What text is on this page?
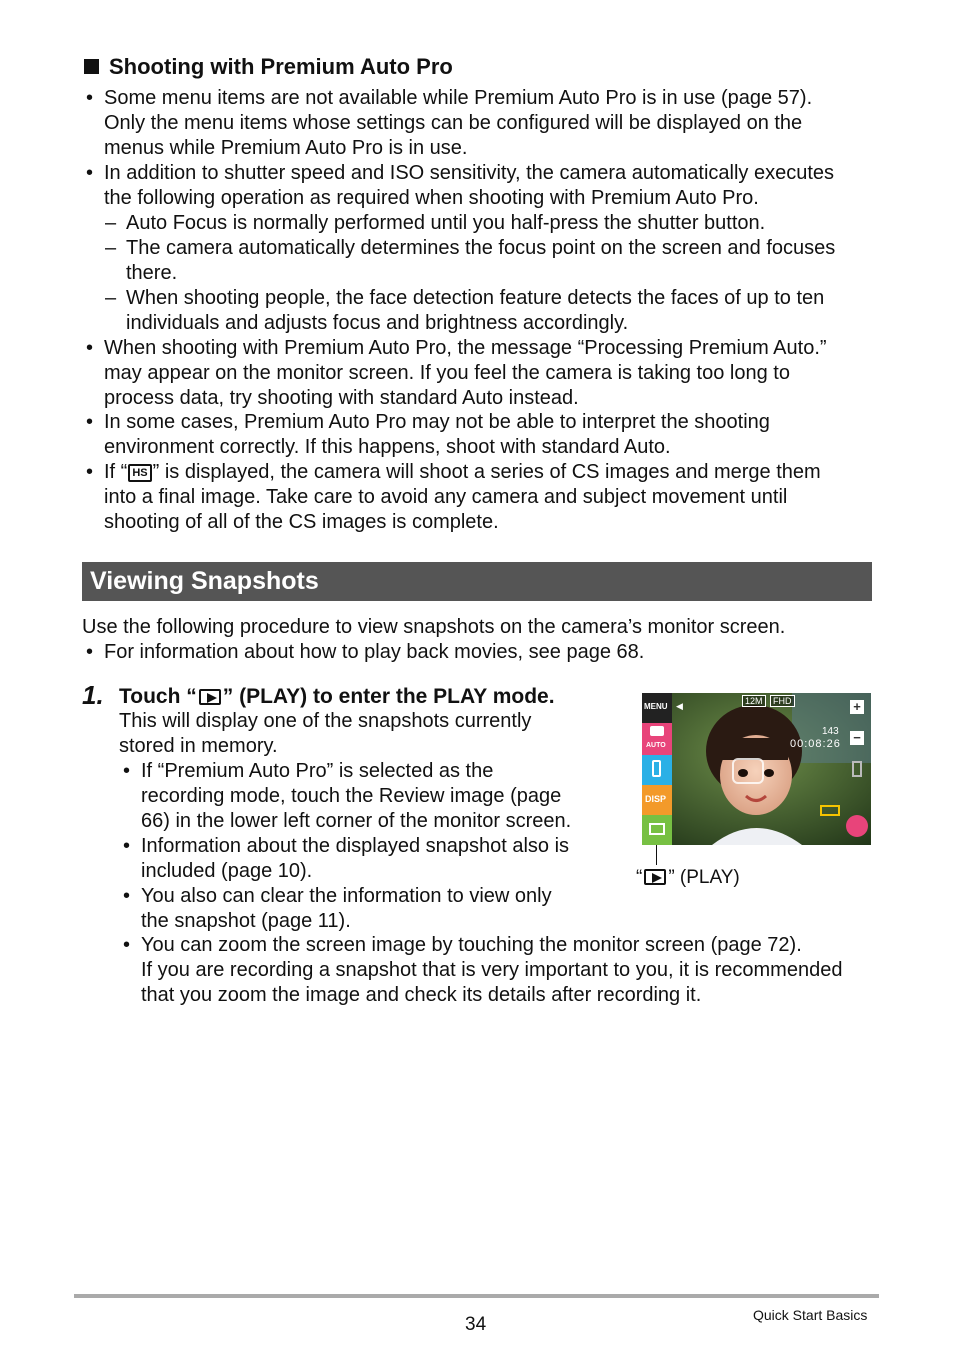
Shooting with Premium Auto Pro
• Some menu items are not available while Premium Auto Pro is in use (page 57).
Only the menu items whose settings can be configured will be displayed on the
menus while Premium Auto Pro is in use.
• In addition to shutter speed and ISO sensitivity, the camera automatically executes
the following operation as required when shooting with Premium Auto Pro.
– Auto Focus is normally performed until you half-press the shutter button.
– The camera automatically determines the focus point on the screen and focuses
there.
– When shooting people, the face detection feature detects the faces of up to ten
individuals and adjusts focus and brightness accordingly.
• When shooting with Premium Auto Pro, the message “Processing Premium Auto.”
may appear on the monitor screen. If you feel the camera is taking too long to
process data, try shooting with standard Auto instead.
• In some cases, Premium Auto Pro may not be able to interpret the shooting
environment correctly. If this happens, shoot with standard Auto.
• If “ HS ” is displayed, the camera will shoot a series of CS images and merge them
into a final image. Take care to avoid any camera and subject movement until
shooting of all of the CS images is complete.
Viewing Snapshots
Use the following procedure to view snapshots on the camera’s monitor screen.
• For information about how to play back movies, see page 68.
1. Touch “ ” (PLAY) to enter the PLAY mode.
This will display one of the snapshots currently
stored in memory.
• If “Premium Auto Pro” is selected as the
recording mode, touch the Review image (page
66) in the lower left corner of the monitor screen.
• Information about the displayed snapshot also is
included (page 10).
• You also can clear the information to view only
the snapshot (page 11).
• You can zoom the screen image by touching the monitor screen (page 72).
If you are recording a snapshot that is very important to you, it is recommended
that you zoom the image and check its details after recording it.
MENU
AUTO
DISP
◀	12M	FHD
143
00:08:26
+
−
“ ” (PLAY)
34	Quick Start Basics
